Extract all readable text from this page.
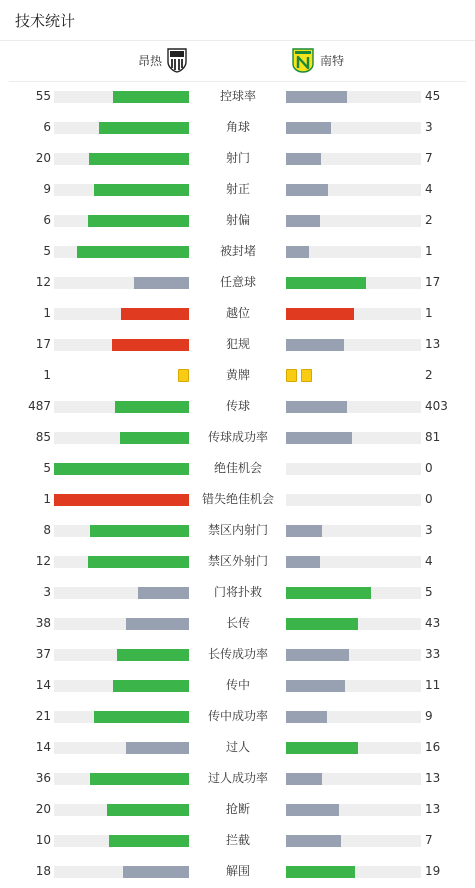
技术统计
昂热	南特
55	控球率	45
6	角球	3
20	射门	7
9	射正	4
6	射偏	2
5	被封堵	1
12	任意球	17
1	越位	1
17	犯规	13
1	黄牌	2
487	传球	403
85	传球成功率	81
5	绝佳机会	0
1	错失绝佳机会	0
8	禁区内射门	3
12	禁区外射门	4
3	门将扑救	5
38	长传	43
37	长传成功率	33
14	传中	11
21	传中成功率	9
14	过人	16
36	过人成功率	13
20	抢断	13
10	拦截	7
18	解围	19
